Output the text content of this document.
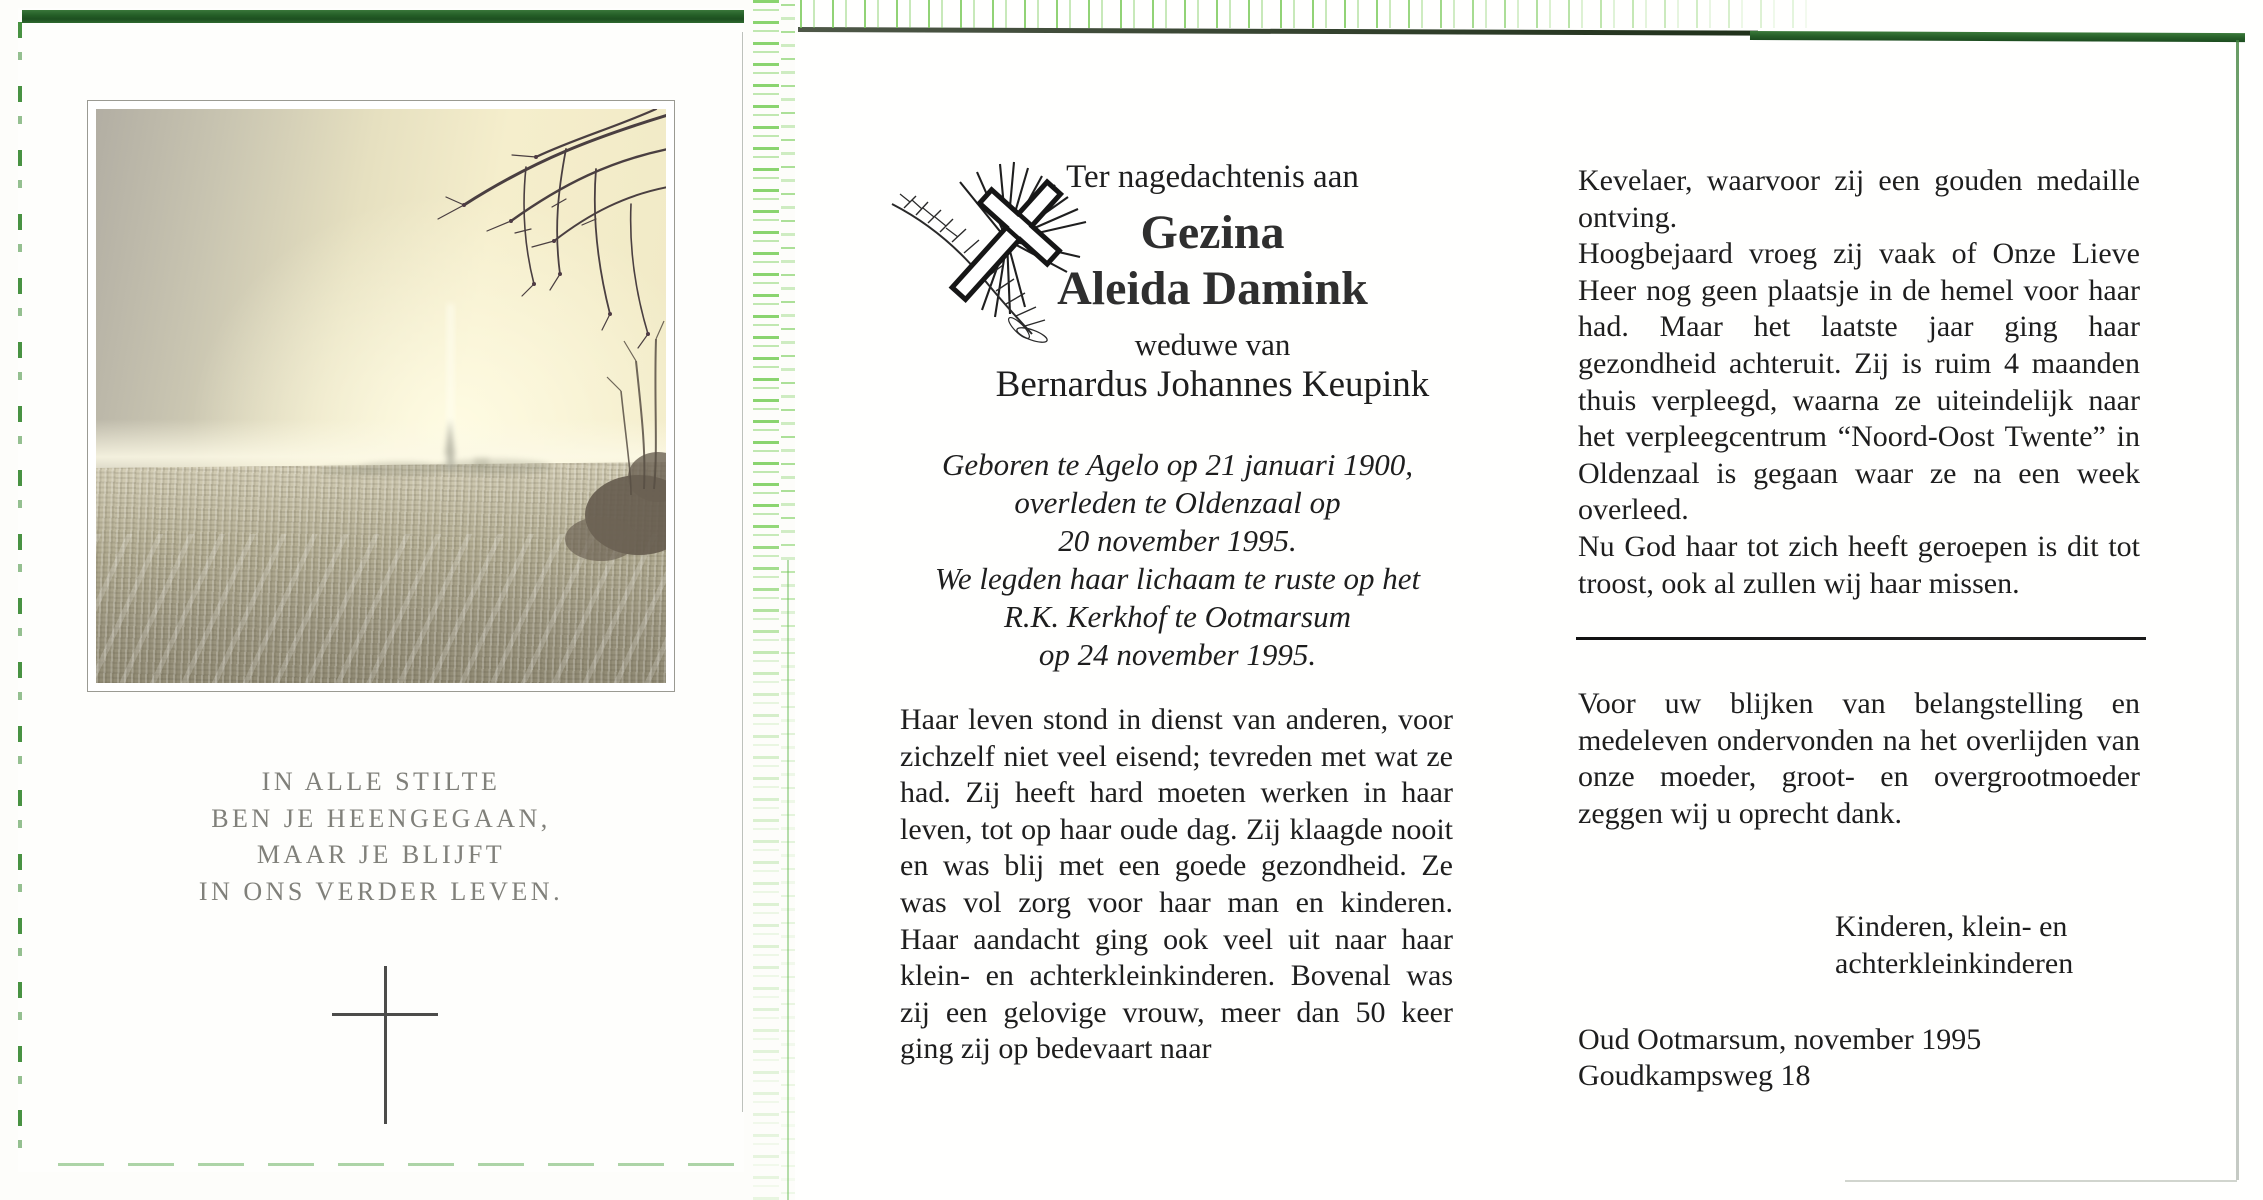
IN ALLE STILTE
BEN JE HEENGEGAAN,
MAAR JE BLIJFT
IN ONS VERDER LEVEN.

Ter nagedachtenis aan

Gezina

Aleida Damink

weduwe van

Bernardus Johannes Keupink

Geboren te Agelo op 21 januari 1900,
overleden te Oldenzaal op
20 november 1995.
We legden haar lichaam te ruste op het
R.K. Kerkhof te Ootmarsum
op 24 november 1995.

Haar leven stond in dienst van anderen, voor zichzelf niet veel eisend; tevreden met wat ze had. Zij heeft hard moeten werken in haar leven, tot op haar oude dag. Zij klaagde nooit en was blij met een goede gezondheid. Ze was vol zorg voor haar man en kinderen. Haar aandacht ging ook veel uit naar haar klein- en achterkleinkinderen. Bovenal was zij een gelovige vrouw, meer dan 50 keer ging zij op bedevaart naar

Kevelaer, waarvoor zij een gouden medaille ontving.

Hoogbejaard vroeg zij vaak of Onze Lieve Heer nog geen plaatsje in de hemel voor haar had. Maar het laatste jaar ging haar gezondheid achteruit. Zij is ruim 4 maanden thuis verpleegd, waarna ze uiteindelijk naar het verpleegcentrum “Noord-Oost Twente” in Oldenzaal is gegaan waar ze na een week overleed.

Nu God haar tot zich heeft geroepen is dit tot troost, ook al zullen wij haar missen.

Voor uw blijken van belangstelling en medeleven ondervonden na het overlijden van onze moeder, groot- en overgrootmoeder zeggen wij u oprecht dank.

Kinderen, klein- en
achterkleinkinderen
Oud Ootmarsum, november 1995
Goudkampsweg 18
